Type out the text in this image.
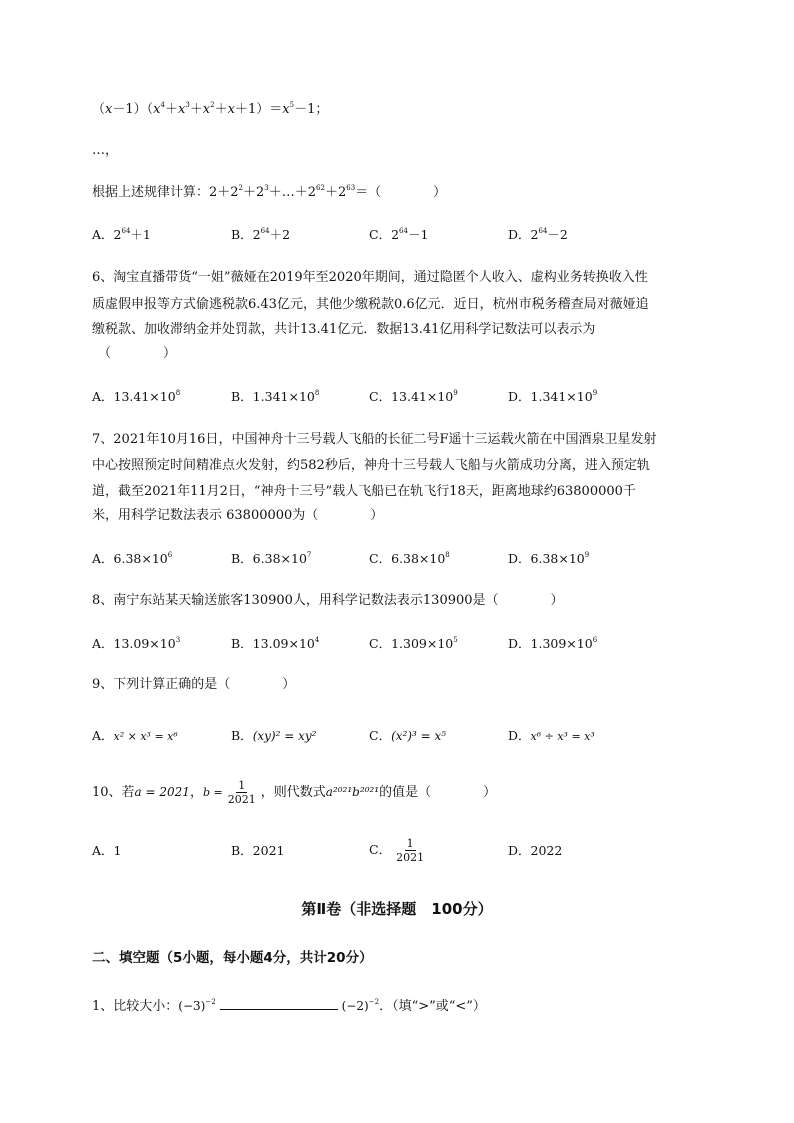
$(x-1)(x^4+x^3+x^2+x+1)=x^5-1$；
…，
根据上述规律计算：$2+2^2+2^3+\dots+2^{62}+2^{63}=$（　　　　）
A．$2^{64}+1$	B．$2^{64}+2$	C．$2^{64}-1$	D．$2^{64}-2$
6、淘宝直播带货“一姐”薇娅在2019年至2020年期间，通过隐匿个人收入、虚构业务转换收入性
质虚假申报等方式偷逃税款6.43亿元，其他少缴税款0.6亿元．近日，杭州市税务稽查局对薇娅追
缴税款、加收滞纳金并处罚款，共计13.41亿元．数据13.41亿用科学记数法可以表示为
（　　　　）
A．$13.41\times 10^8$	B．$1.341\times 10^8$	C．$13.41\times 10^9$	D．$1.341\times 10^9$
7、2021年10月16日，中国神舟十三号载人飞船的长征二号F遥十三运载火箭在中国酒泉卫星发射
中心按照预定时间精准点火发射，约582秒后，神舟十三号载人飞船与火箭成功分离，进入预定轨
道，截至2021年11月2日，“神舟十三号”载人飞船已在轨飞行18天，距离地球约63800000千
米，用科学记数法表示 63800000为（　　　　）
A．$6.38\times 10^6$	B．$6.38\times 10^7$	C．$6.38\times 10^8$	D．$6.38\times 10^9$
8、南宁东站某天输送旅客130900人，用科学记数法表示130900是（　　　　）
A．$13.09\times 10^3$	B．$13.09\times 10^4$	C．$1.309\times 10^5$	D．$1.309\times 10^6$
9、下列计算正确的是（　　　　）
A．x² × x³ = x⁶	B．(xy)² = xy²	C．(x²)³ = x⁵	D．x⁶ ÷ x³ = x³
10、若a = 2021，$b = \frac{1}{2021}$ ，则代数式a²⁰²¹b²⁰²¹的值是（　　　　）
A．1	B．2021	C． $\frac{1}{2021}$	D．2022
第Ⅱ卷（非选择题　100分）
二、填空题（5小题，每小题4分，共计20分）
1、比较大小：$(-3)^{-2}$	$(-2)^{-2}$．（填“>”或“<”）
